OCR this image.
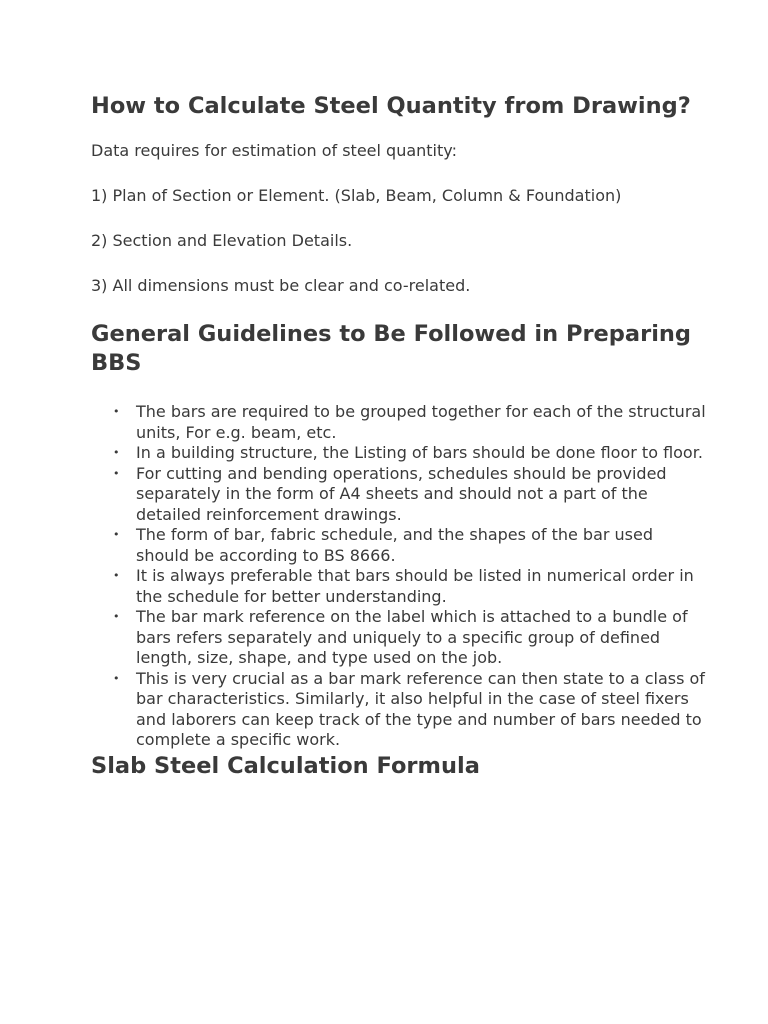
How to Calculate Steel Quantity from Drawing?

Data requires for estimation of steel quantity:

1) Plan of Section or Element. (Slab, Beam, Column & Foundation)

2) Section and Elevation Details.

3) All dimensions must be clear and co-related.

General Guidelines to Be Followed in Preparing BBS
• The bars are required to be grouped together for each of the structural units, For e.g. beam, etc.
• In a building structure, the Listing of bars should be done floor to floor.
• For cutting and bending operations, schedules should be provided separately in the form of A4 sheets and should not a part of the detailed reinforcement drawings.
• The form of bar, fabric schedule, and the shapes of the bar used should be according to BS 8666.
• It is always preferable that bars should be listed in numerical order in the schedule for better understanding.
• The bar mark reference on the label which is attached to a bundle of bars refers separately and uniquely to a specific group of defined length, size, shape, and type used on the job.
• This is very crucial as a bar mark reference can then state to a class of bar characteristics. Similarly, it also helpful in the case of steel fixers and laborers can keep track of the type and number of bars needed to complete a specific work.
Slab Steel Calculation Formula
